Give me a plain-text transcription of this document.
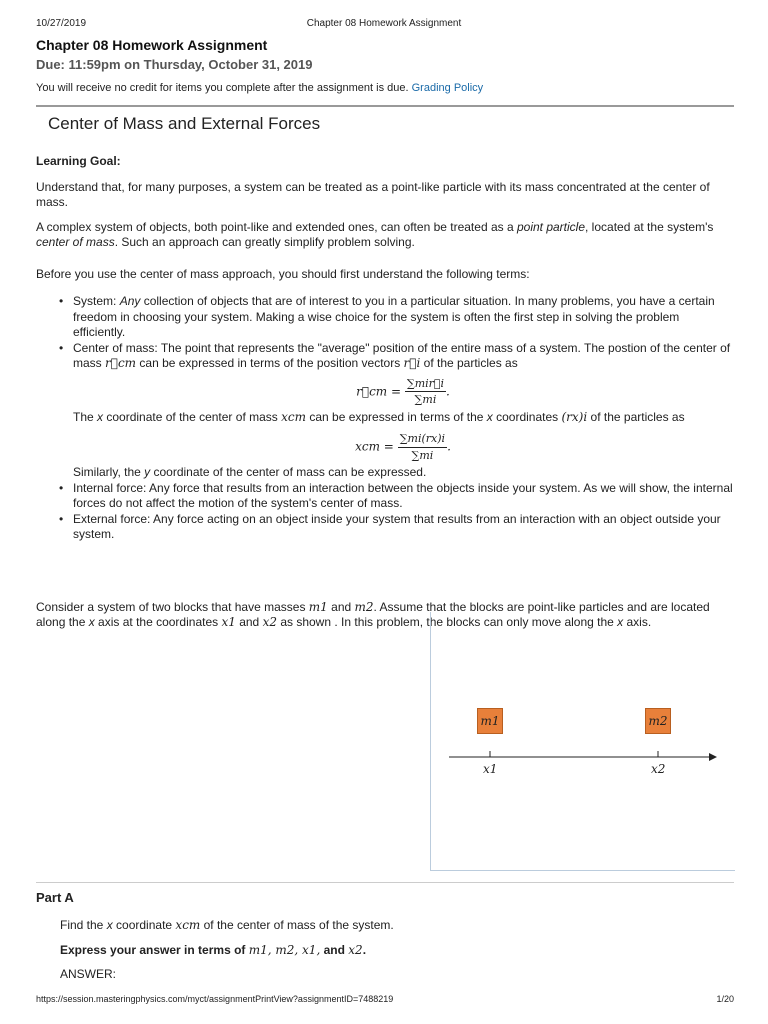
10/27/2019	Chapter 08 Homework Assignment
Chapter 08 Homework Assignment
Due: 11:59pm on Thursday, October 31, 2019
You will receive no credit for items you complete after the assignment is due. Grading Policy
Center of Mass and External Forces
Learning Goal:
Understand that, for many purposes, a system can be treated as a point-like particle with its mass concentrated at the center of mass.
A complex system of objects, both point-like and extended ones, can often be treated as a point particle, located at the system's center of mass. Such an approach can greatly simplify problem solving.
Before you use the center of mass approach, you should first understand the following terms:
• System: Any collection of objects that are of interest to you in a particular situation. In many problems, you have a certain freedom in choosing your system. Making a wise choice for the system is often the first step in solving the problem efficiently.
• Center of mass: The point that represents the "average" position of the entire mass of a system. The postion of the center of mass r⃗cm can be expressed in terms of the position vectors r⃗i of the particles as
r⃗cm = $\frac{\text{∑mir⃗i}}{\sum mi}$ .
The x coordinate of the center of mass xcm can be expressed in terms of the x coordinates (rx)i of the particles as
xcm = $\frac{\sum mi(rx)i}{\sum mi}$ .
Similarly, the y coordinate of the center of mass can be expressed.
• Internal force: Any force that results from an interaction between the objects inside your system. As we will show, the internal forces do not affect the motion of the system's center of mass.
• External force: Any force acting on an object inside your system that results from an interaction with an object outside your system.
Consider a system of two blocks that have masses m1 and m2. Assume that the blocks are point-like particles and are located along the x axis at the coordinates x1 and x2 as shown . In this problem, the blocks can only move along the x axis.
m1	m2
x1	x2
Part A
Find the x coordinate xcm of the center of mass of the system.
Express your answer in terms of m1, m2, x1, and x2.
ANSWER:
https://session.masteringphysics.com/myct/assignmentPrintView?assignmentID=7488219	1/20
